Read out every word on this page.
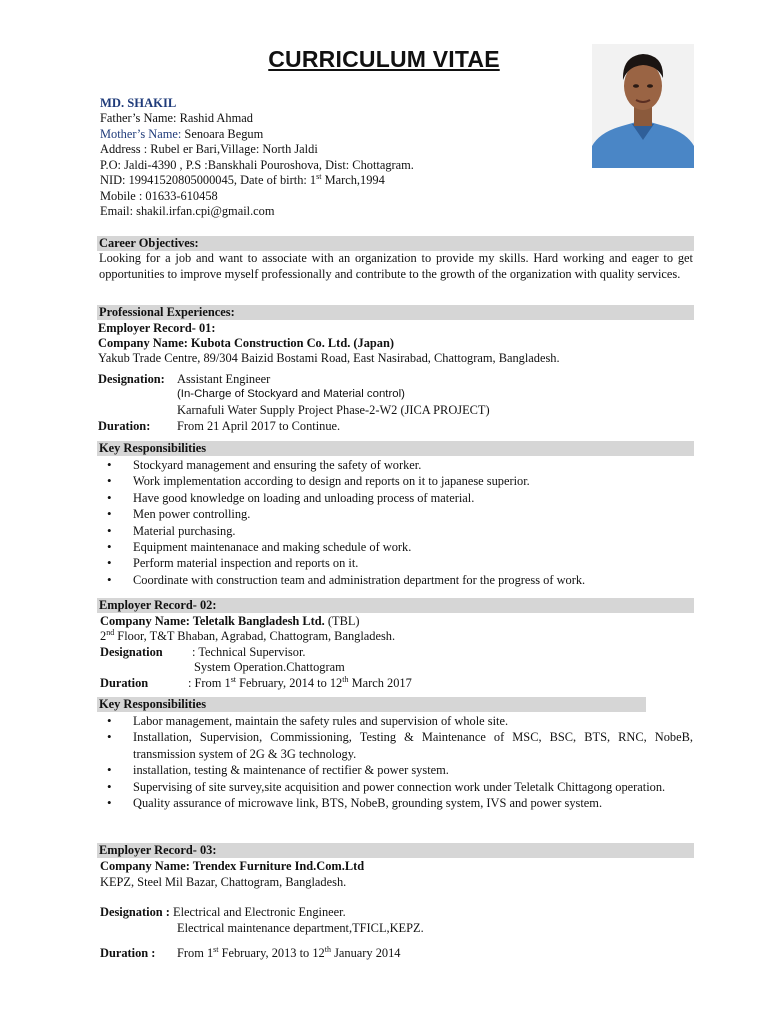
CURRICULUM VITAE
MD. SHAKIL
Father’s Name: Rashid Ahmad
Mother’s Name: Senoara Begum
Address : Rubel er Bari,Village: North Jaldi
P.O: Jaldi-4390 , P.S :Banskhali Pouroshova, Dist: Chottagram.
NID: 19941520805000045, Date of birth: 1st March,1994
Mobile : 01633-610458
Email: shakil.irfan.cpi@gmail.com
Career Objectives:
Looking for a job and want to associate with an organization to provide my skills. Hard working and eager to get opportunities to improve myself professionally and contribute to the growth of the organization with quality services.
Professional Experiences:
Employer Record- 01:
Company Name: Kubota Construction Co. Ltd. (Japan)
Yakub Trade Centre, 89/304 Baizid Bostami Road, East Nasirabad, Chattogram, Bangladesh.
Designation: Assistant Engineer
(In-Charge of Stockyard and Material control)
Karnafuli Water Supply Project Phase-2-W2 (JICA PROJECT)
Duration: From 21 April 2017 to Continue.
Key Responsibilities
• Stockyard management and ensuring the safety of worker.
• Work implementation according to design and reports on it to japanese superior.
• Have good knowledge on loading and unloading process of material.
• Men power controlling.
• Material purchasing.
• Equipment maintenanace and making schedule of work.
• Perform material inspection and reports on it.
• Coordinate with construction team and administration department for the progress of work.
Employer Record- 02:
Company Name: Teletalk Bangladesh Ltd. (TBL)
2nd Floor, T&T Bhaban, Agrabad, Chattogram, Bangladesh.
Designation : Technical Supervisor.
System Operation.Chattogram
Duration	: From 1st February, 2014 to 12th March 2017
Key Responsibilities
• Labor management, maintain the safety rules and supervision of whole site.
• Installation, Supervision, Commissioning, Testing & Maintenance of MSC, BSC, BTS, RNC, NobeB, transmission system of 2G & 3G technology.
• installation, testing & maintenance of rectifier & power system.
• Supervising of site survey,site acquisition and power connection work under Teletalk Chittagong operation.
• Quality assurance of microwave link, BTS, NobeB, grounding system, IVS and power system.
Employer Record- 03:
Company Name: Trendex Furniture Ind.Com.Ltd
KEPZ, Steel Mil Bazar, Chattogram, Bangladesh.
Designation : Electrical and Electronic Engineer.
Electrical maintenance department,TFICL,KEPZ.
Duration : From 1st February, 2013 to 12th January 2014
